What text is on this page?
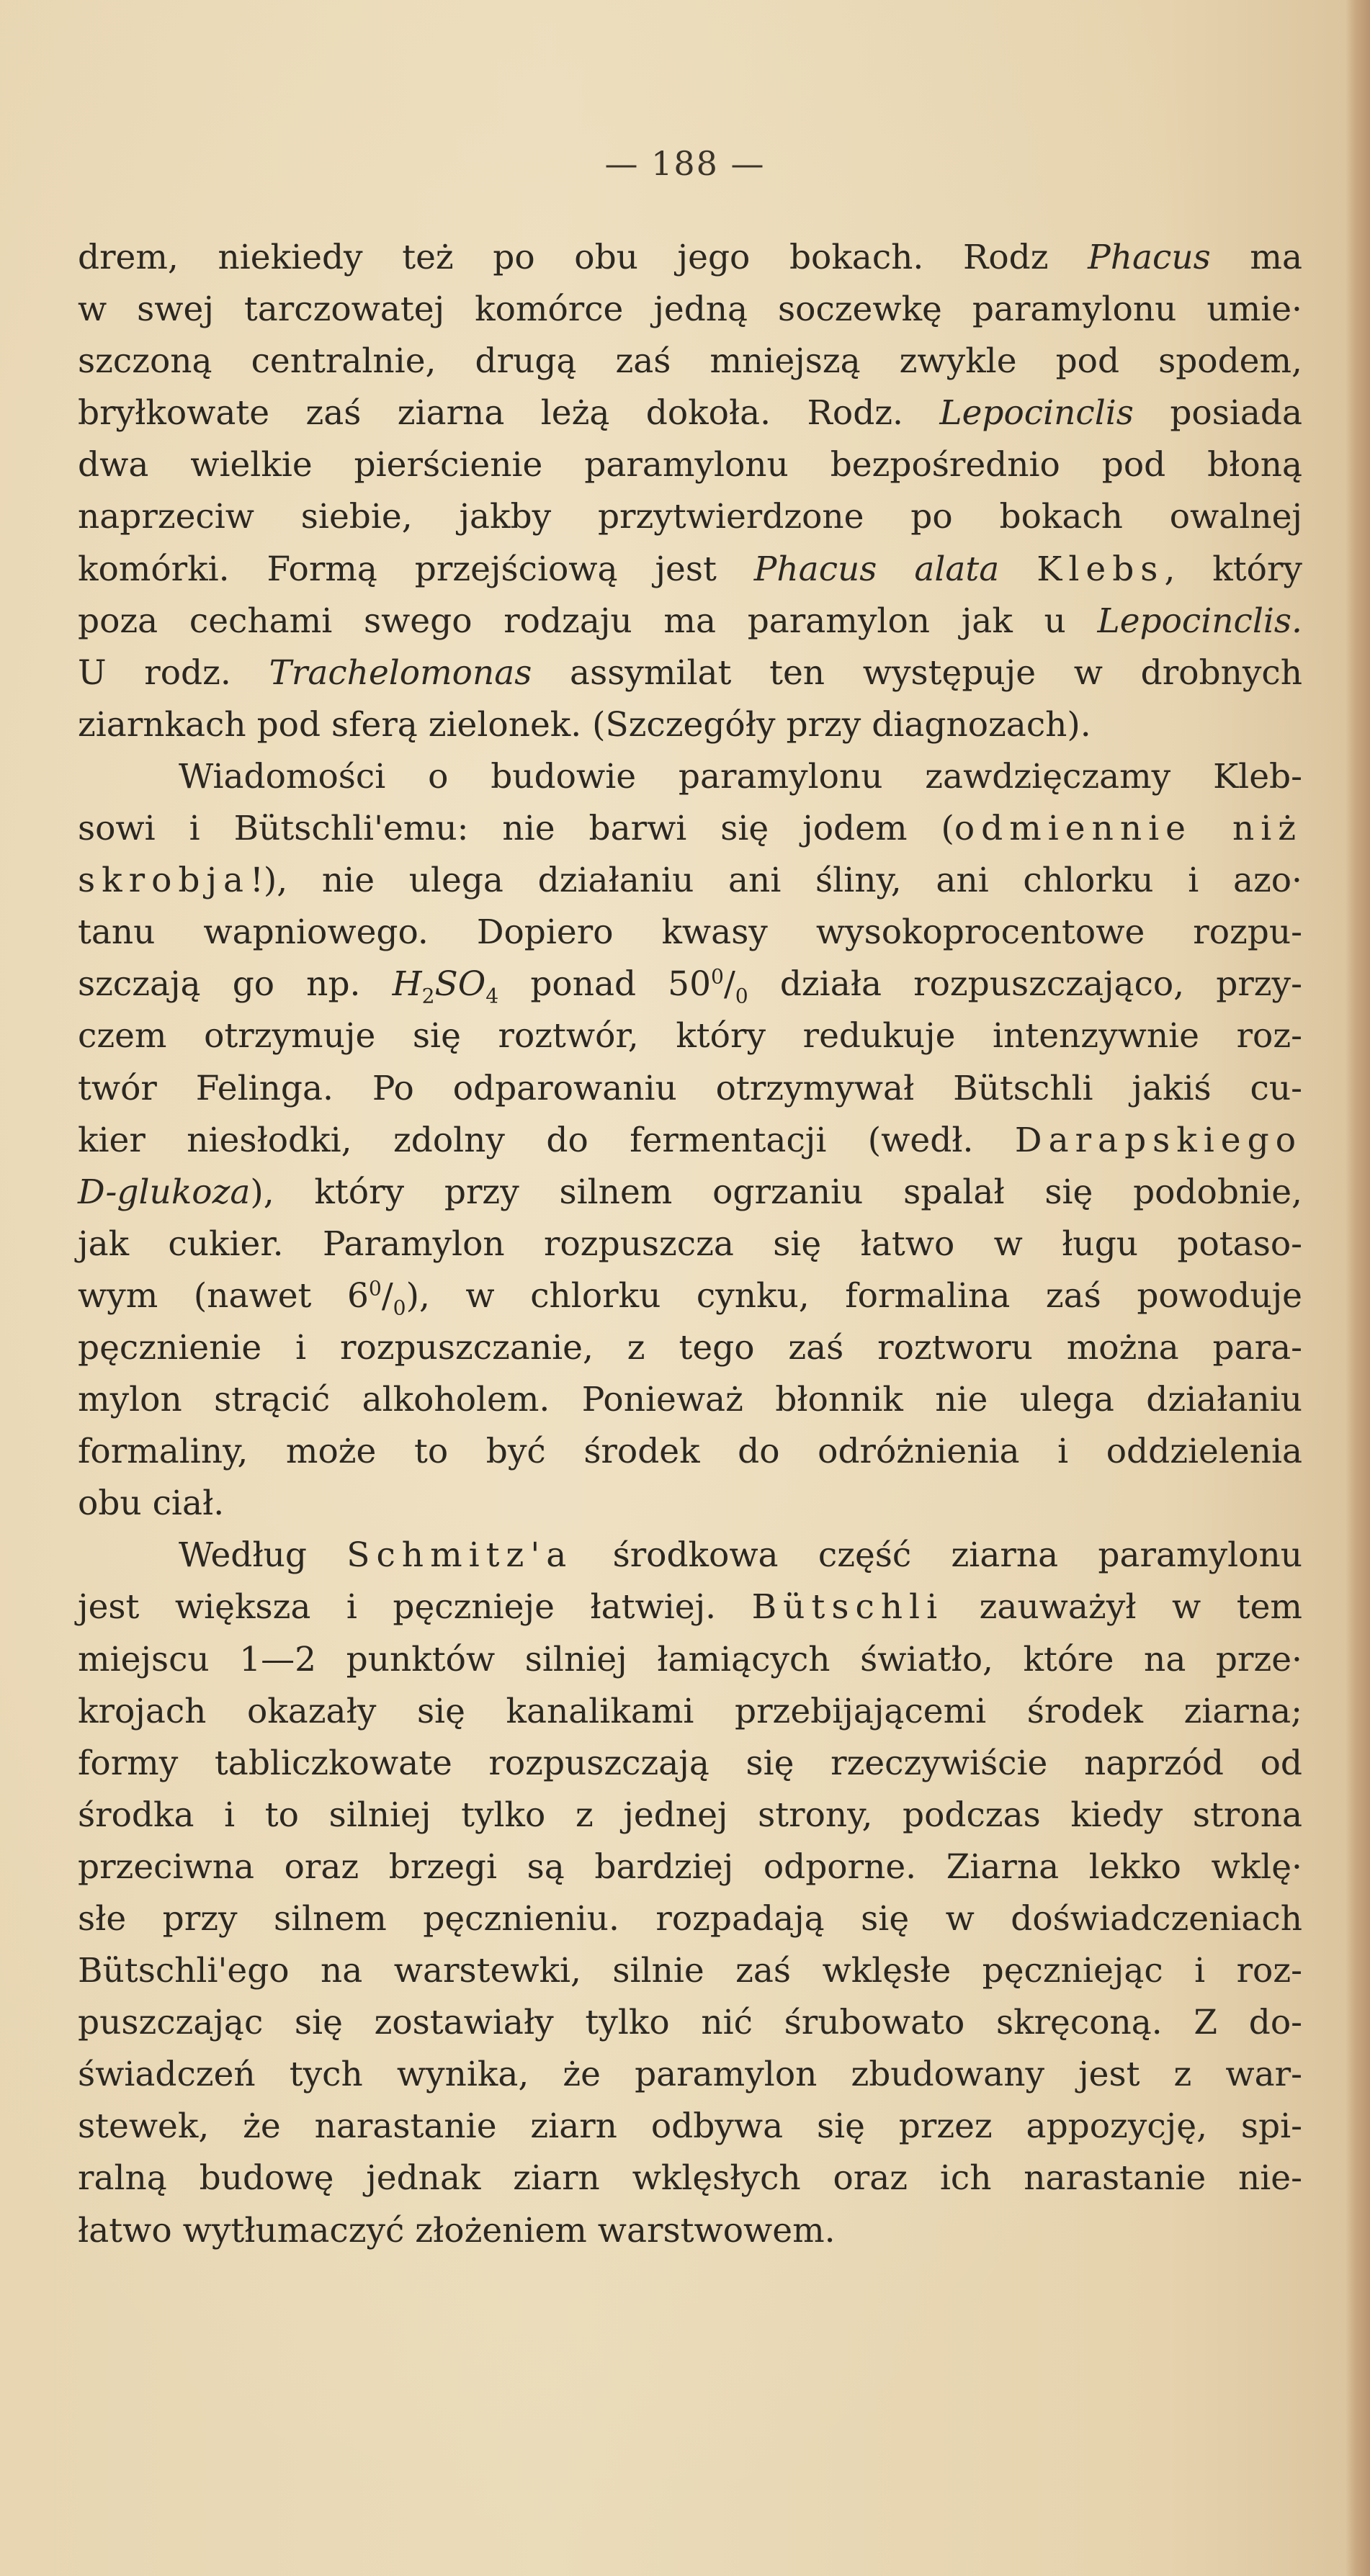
— 188 —
drem, niekiedy też po obu jego bokach. Rodz Phacus ma
w swej tarczowatej komórce jedną soczewkę paramylonu umie·
szczoną centralnie, drugą zaś mniejszą zwykle pod spodem,
bryłkowate zaś ziarna leżą dokoła. Rodz. Lepocinclis posiada
dwa wielkie pierścienie paramylonu bezpośrednio pod błoną
naprzeciw siebie, jakby przytwierdzone po bokach owalnej
komórki. Formą przejściową jest Phacus alata Klebs, który
poza cechami swego rodzaju ma paramylon jak u Lepocinclis.
U rodz. Trachelomonas assymilat ten występuje w drobnych
ziarnkach pod sferą zielonek. (Szczegóły przy diagnozach).
Wiadomości o budowie paramylonu zawdzięczamy Kleb-
sowi i Bütschli'emu: nie barwi się jodem (odmiennie niż
skrobja!), nie ulega działaniu ani śliny, ani chlorku i azo·
tanu wapniowego. Dopiero kwasy wysokoprocentowe rozpu-
szczają go np. $H_2SO_4$ ponad $50^0/_0$ działa rozpuszczająco, przy-
czem otrzymuje się roztwór, który redukuje intenzywnie roz-
twór Felinga. Po odparowaniu otrzymywał Bütschli jakiś cu-
kier niesłodki, zdolny do fermentacji (wedł. Darapskiego
D-glukoza), który przy silnem ogrzaniu spalał się podobnie,
jak cukier. Paramylon rozpuszcza się łatwo w ługu potaso-
wym (nawet $6^0/_0$), w chlorku cynku, formalina zaś powoduje
pęcznienie i rozpuszczanie, z tego zaś roztworu można para-
mylon strącić alkoholem. Ponieważ błonnik nie ulega działaniu
formaliny, może to być środek do odróżnienia i oddzielenia
obu ciał.
Według Schmitz'a środkowa część ziarna paramylonu
jest większa i pęcznieje łatwiej. Bütschli zauważył w tem
miejscu 1—2 punktów silniej łamiących światło, które na prze·
krojach okazały się kanalikami przebijającemi środek ziarna;
formy tabliczkowate rozpuszczają się rzeczywiście naprzód od
środka i to silniej tylko z jednej strony, podczas kiedy strona
przeciwna oraz brzegi są bardziej odporne. Ziarna lekko wklę·
słe przy silnem pęcznieniu. rozpadają się w doświadczeniach
Bütschli'ego na warstewki, silnie zaś wklęsłe pęczniejąc i roz-
puszczając się zostawiały tylko nić śrubowato skręconą. Z do-
świadczeń tych wynika, że paramylon zbudowany jest z war-
stewek, że narastanie ziarn odbywa się przez appozycję, spi-
ralną budowę jednak ziarn wklęsłych oraz ich narastanie nie-
łatwo wytłumaczyć złożeniem warstwowem.
